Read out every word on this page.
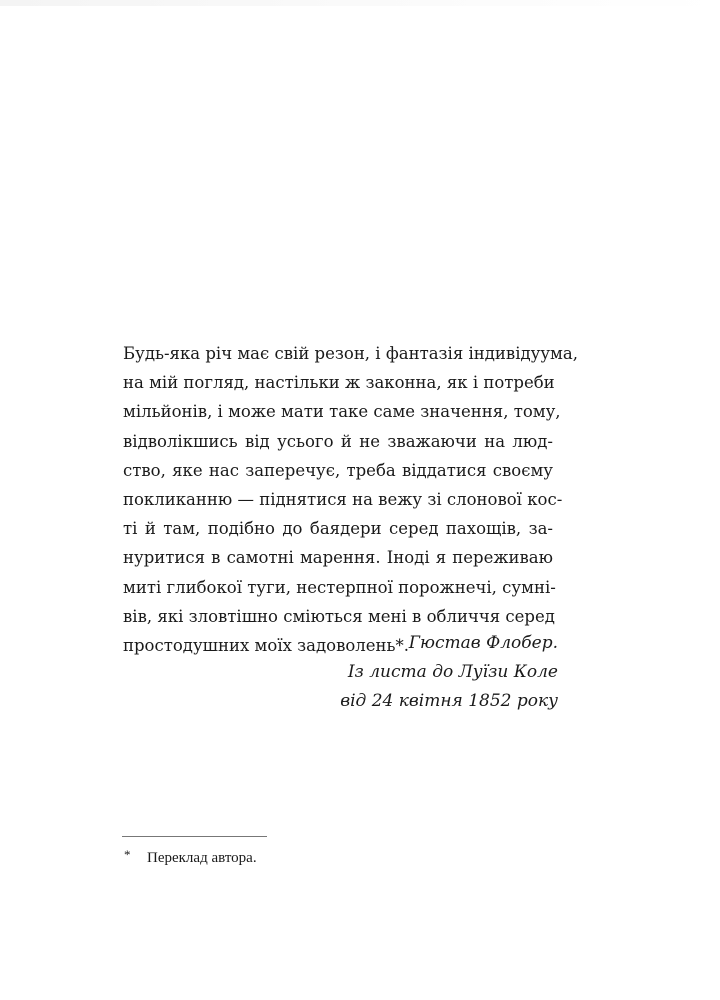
Будь-яка річ має свій резон, і фантазія індивідуума,
на мій погляд, настільки ж законна, як і потреби
мільйонів, і може мати таке саме значення, тому,
відволікшись від усього й не зважаючи на люд-
ство, яке нас заперечує, треба віддатися своєму
покликанню — піднятися на вежу зі слонової кос-
ті й там, подібно до баядери серед пахощів, за-
нуритися в самотні марення. Іноді я переживаю
миті глибокої туги, нестерпної порожнечі, сумні-
вів, які зловтішно сміються мені в обличчя серед
простодушних моїх задоволень*. Гюстав Флобер.
Із листа до Луїзи Коле
від 24 квітня 1852 року
* Переклад автора.
